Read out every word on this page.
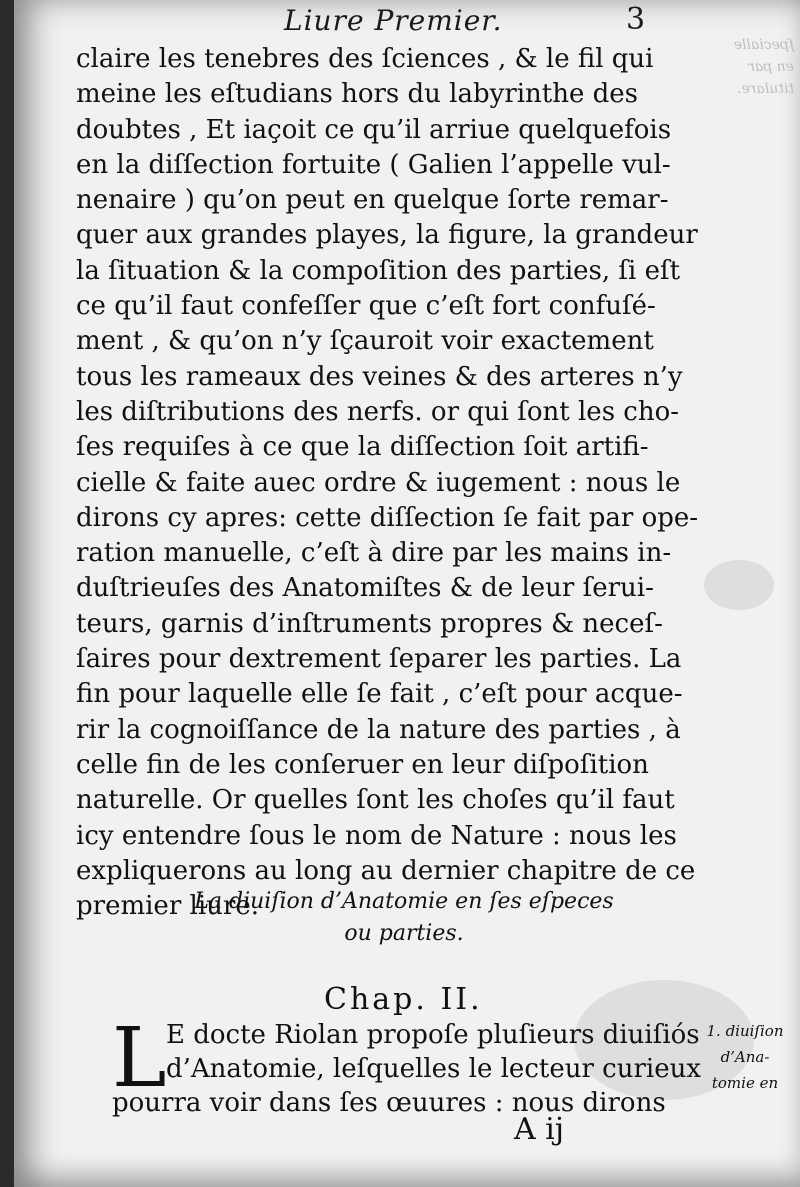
ſpecialle
en par
titulare.
Liure Premier.	3

claire les tenebres des ſciences , & le fil qui
meine les eſtudians hors du labyrinthe des
doubtes , Et iaçoit ce qu’il arriue quelquefois
en la diſſection fortuite ( Galien l’appelle vul-
nenaire ) qu’on peut en quelque ſorte remar-
quer aux grandes playes, la figure, la grandeur
la ſituation & la compoſition des parties, ſi eſt
ce qu’il faut confeſſer que c’eſt fort confuſé-
ment , & qu’on n’y ſçauroit voir exactement
tous les rameaux des veines & des arteres n’y
les diſtributions des nerfs. or qui ſont les cho-
ſes requiſes à ce que la diſſection ſoit artifi-
cielle & faite auec ordre & iugement : nous le
dirons cy apres: cette diſſection ſe fait par ope-
ration manuelle, c’eſt à dire par les mains in-
duſtrieuſes des Anatomiſtes & de leur ſerui-
teurs, garnis d’inſtruments propres & neceſ-
ſaires pour dextrement ſeparer les parties. La
fin pour laquelle elle ſe fait , c’eſt pour acque-
rir la cognoiſſance de la nature des parties , à
celle fin de les conſeruer en leur diſpoſition
naturelle. Or quelles ſont les choſes qu’il faut
icy entendre ſous le nom de Nature : nous les
expliquerons au long au dernier chapitre de ce
premier liure.

La diuiſion d’Anatomie en ſes eſpeces
ou parties.
Chap. II.
L E docte Riolan propoſe pluſieurs diuiſiós
d’Anatomie, leſquelles le lecteur curieux
pourra voir dans ſes œuures : nous dirons
1. diuiſion
d’Ana-
tomie en
A ij
